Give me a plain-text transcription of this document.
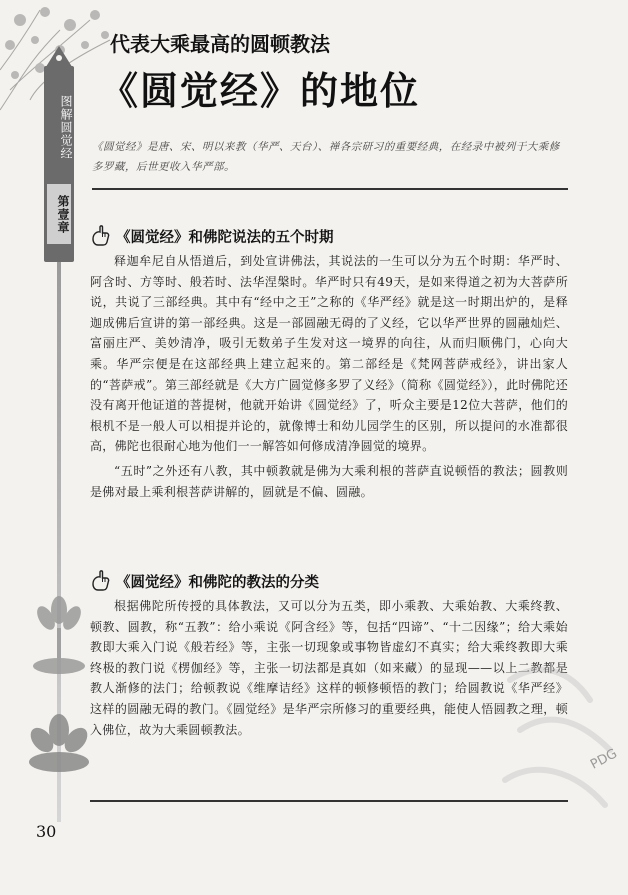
图解圆觉经
第壹章
代表大乘最高的圆顿教法
《圆觉经》的地位

《圆觉经》是唐、宋、明以来教（华严、天台）、禅各宗研习的重要经典，在经录中被列于大乘修多罗藏，后世更收入华严部。

《圆觉经》和佛陀说法的五个时期

释迦牟尼自从悟道后，到处宣讲佛法，其说法的一生可以分为五个时期：华严时、阿含时、方等时、般若时、法华涅槃时。华严时只有49天，是如来得道之初为大菩萨所说，共说了三部经典。其中有“经中之王”之称的《华严经》就是这一时期出炉的，是释迦成佛后宣讲的第一部经典。这是一部圆融无碍的了义经，它以华严世界的圆融灿烂、富丽庄严、美妙清净，吸引无数弟子生发对这一境界的向往，从而归顺佛门，心向大乘。华严宗便是在这部经典上建立起来的。第二部经是《梵网菩萨戒经》，讲出家人的“菩萨戒”。第三部经就是《大方广圆觉修多罗了义经》（简称《圆觉经》），此时佛陀还没有离开他证道的菩提树，他就开始讲《圆觉经》了，听众主要是12位大菩萨，他们的根机不是一般人可以相提并论的，就像博士和幼儿园学生的区别，所以提问的水准都很高，佛陀也很耐心地为他们一一解答如何修成清净圆觉的境界。

“五时”之外还有八教，其中顿教就是佛为大乘利根的菩萨直说顿悟的教法；圆教则是佛对最上乘利根菩萨讲解的，圆就是不偏、圆融。

《圆觉经》和佛陀的教法的分类

根据佛陀所传授的具体教法，又可以分为五类，即小乘教、大乘始教、大乘终教、顿教、圆教，称“五教”：给小乘说《阿含经》等，包括“四谛”、“十二因缘”；给大乘始教即大乘入门说《般若经》等，主张一切现象或事物皆虚幻不真实；给大乘终教即大乘终极的教门说《楞伽经》等，主张一切法都是真如（如来藏）的显现——以上二教都是教人渐修的法门；给顿教说《维摩诘经》这样的顿修顿悟的教门；给圆教说《华严经》这样的圆融无碍的教门。《圆觉经》是华严宗所修习的重要经典，能使人悟圆教之理，顿入佛位，故为大乘圆顿教法。

PDG
30
